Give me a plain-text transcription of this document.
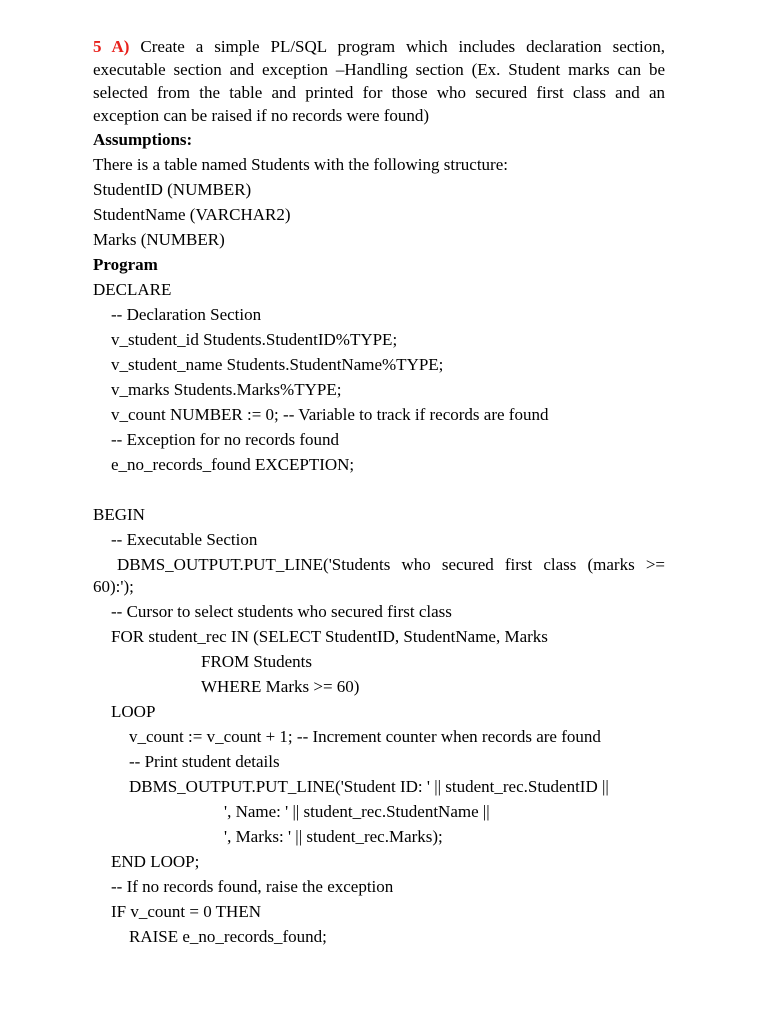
5 A) Create a simple PL/SQL program which includes declaration section, executable section and exception –Handling section (Ex. Student marks can be selected from the table and printed for those who secured first class and an exception can be raised if no records were found)

Assumptions:
There is a table named Students with the following structure:
StudentID (NUMBER)
StudentName (VARCHAR2)
Marks (NUMBER)
Program
DECLARE
-- Declaration Section
v_student_id Students.StudentID%TYPE;
v_student_name Students.StudentName%TYPE;
v_marks Students.Marks%TYPE;
v_count NUMBER := 0; -- Variable to track if records are found
-- Exception for no records found
e_no_records_found EXCEPTION;
BEGIN
-- Executable Section

DBMS_OUTPUT.PUT_LINE('Students who secured first class (marks >= 60):');

-- Cursor to select students who secured first class
FOR student_rec IN (SELECT StudentID, StudentName, Marks
FROM Students
WHERE Marks >= 60)
LOOP
v_count := v_count + 1; -- Increment counter when records are found
-- Print student details
DBMS_OUTPUT.PUT_LINE('Student ID: ' || student_rec.StudentID ||
', Name: ' || student_rec.StudentName ||
', Marks: ' || student_rec.Marks);
END LOOP;
-- If no records found, raise the exception
IF v_count = 0 THEN
RAISE e_no_records_found;
